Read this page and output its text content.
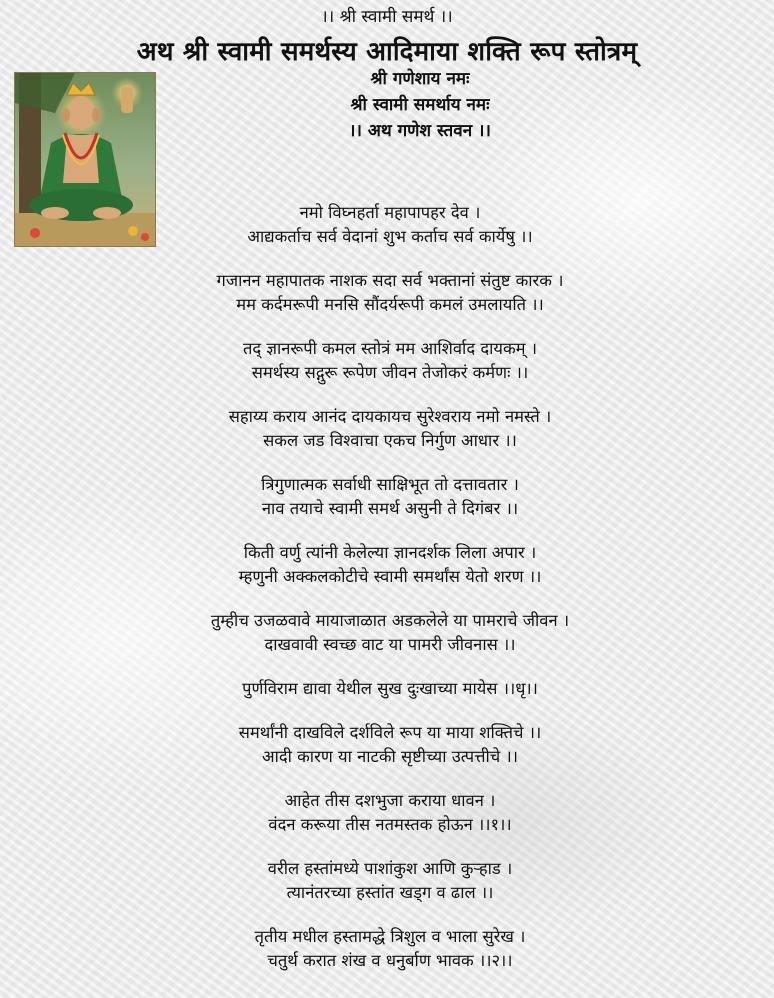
।। श्री स्वामी समर्थ ।।
अथ श्री स्वामी समर्थस्य आदिमाया शक्ति रूप स्तोत्रम्
श्री गणेशाय नमः
श्री स्वामी समर्थाय नमः
।। अथ गणेश स्तवन ।।
नमो विघ्नहर्ता महापापहर देव ।
आद्यकर्ताच सर्व वेदानां शुभ कर्ताच सर्व कार्येषु ।।
गजानन महापातक नाशक सदा सर्व भक्तानां संतुष्ट कारक ।
मम कर्दमरूपी मनसि सौंदर्यरूपी कमलं उमलायति ।।
तद् ज्ञानरूपी कमल स्तोत्रं मम आशिर्वाद दायकम् ।
समर्थस्य सद्गुरू रूपेण जीवन तेजोकरं कर्मणः ।।
सहाय्य कराय आनंद दायकायच सुरेश्वराय नमो नमस्ते ।
सकल जड विश्वाचा एकच निर्गुण आधार ।।
त्रिगुणात्मक सर्वाधी साक्षिभूत तो दत्तावतार ।
नाव तयाचे स्वामी समर्थ असुनी ते दिगंबर ।।
किती वर्णु त्यांनी केलेल्या ज्ञानदर्शक लिला अपार ।
म्हणुनी अक्कलकोटीचे स्वामी समर्थांस येतो शरण ।।
तुम्हीच उजळवावे मायाजाळात अडकलेले या पामराचे जीवन ।
दाखवावी स्वच्छ वाट या पामरी जीवनास ।।
पुर्णविराम द्यावा येथील सुख दुःखाच्या मायेस ।।धृ।।
समर्थांनी दाखविले दर्शविले रूप या माया शक्तिचे ।।
आदी कारण या नाटकी सृष्टीच्या उत्पत्तीचे ।।
आहेत तीस दशभुजा कराया धावन ।
वंदन करूया तीस नतमस्तक होऊन ।।१।।
वरील हस्तांमध्ये पाशांकुश आणि कुऱ्हाड ।
त्यानंतरच्या हस्तांत खड्ग व ढाल ।।
तृतीय मधील हस्तामद्धे त्रिशुल व भाला सुरेख ।
चतुर्थ करात शंख व धनुर्बाण भावक ।।२।।
